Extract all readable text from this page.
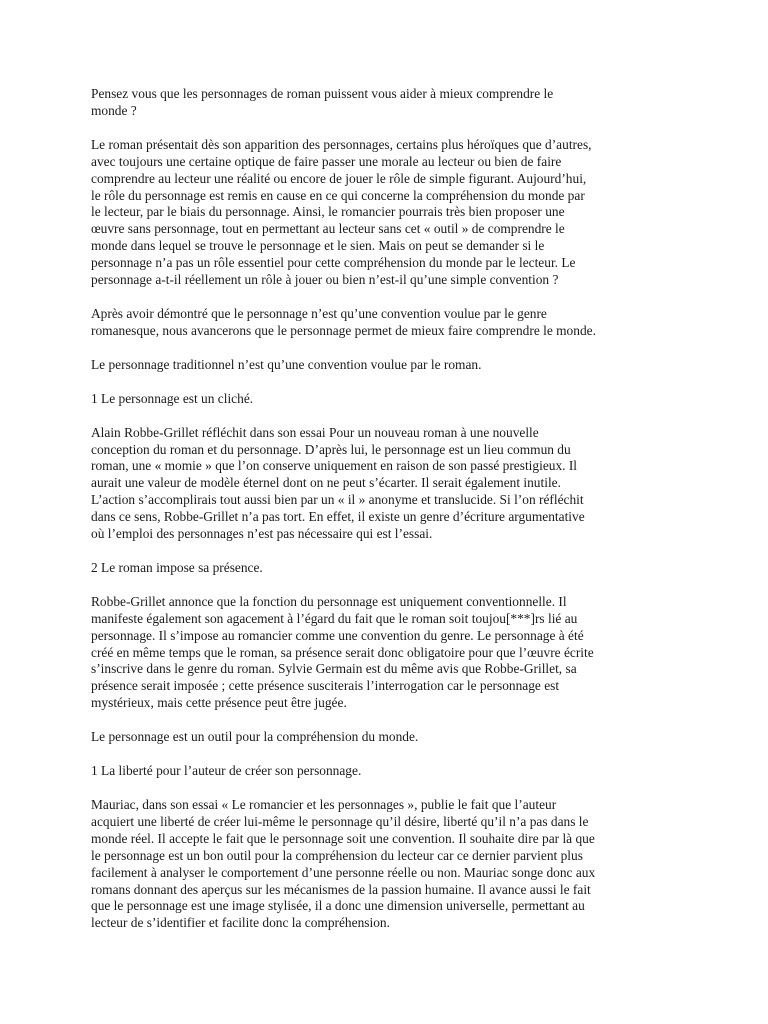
Pensez vous que les personnages de roman puissent vous aider à mieux comprendre le
monde ?

Le roman présentait dès son apparition des personnages, certains plus héroïques que d’autres,
avec toujours une certaine optique de faire passer une morale au lecteur ou bien de faire
comprendre au lecteur une réalité ou encore de jouer le rôle de simple figurant. Aujourd’hui,
le rôle du personnage est remis en cause en ce qui concerne la compréhension du monde par
le lecteur, par le biais du personnage. Ainsi, le romancier pourrais très bien proposer une
œuvre sans personnage, tout en permettant au lecteur sans cet « outil » de comprendre le
monde dans lequel se trouve le personnage et le sien. Mais on peut se demander si le
personnage n’a pas un rôle essentiel pour cette compréhension du monde par le lecteur. Le
personnage a-t-il réellement un rôle à jouer ou bien n’est-il qu’une simple convention ?

Après avoir démontré que le personnage n’est qu’une convention voulue par le genre
romanesque, nous avancerons que le personnage permet de mieux faire comprendre le monde.

Le personnage traditionnel n’est qu’une convention voulue par le roman.

1 Le personnage est un cliché.

Alain Robbe-Grillet réfléchit dans son essai Pour un nouveau roman à une nouvelle
conception du roman et du personnage. D’après lui, le personnage est un lieu commun du
roman, une « momie » que l’on conserve uniquement en raison de son passé prestigieux. Il
aurait une valeur de modèle éternel dont on ne peut s’écarter. Il serait également inutile.
L’action s’accomplirais tout aussi bien par un « il » anonyme et translucide. Si l’on réfléchit
dans ce sens, Robbe-Grillet n’a pas tort. En effet, il existe un genre d’écriture argumentative
où l’emploi des personnages n’est pas nécessaire qui est l’essai.

2 Le roman impose sa présence.

Robbe-Grillet annonce que la fonction du personnage est uniquement conventionnelle. Il
manifeste également son agacement à l’égard du fait que le roman soit toujou[***]rs lié au
personnage. Il s’impose au romancier comme une convention du genre. Le personnage à été
créé en même temps que le roman, sa présence serait donc obligatoire pour que l’œuvre écrite
s’inscrive dans le genre du roman. Sylvie Germain est du même avis que Robbe-Grillet, sa
présence serait imposée ; cette présence susciterais l’interrogation car le personnage est
mystérieux, mais cette présence peut être jugée.

Le personnage est un outil pour la compréhension du monde.

1 La liberté pour l’auteur de créer son personnage.

Mauriac, dans son essai « Le romancier et les personnages », publie le fait que l’auteur
acquiert une liberté de créer lui-même le personnage qu’il désire, liberté qu’il n’a pas dans le
monde réel. Il accepte le fait que le personnage soit une convention. Il souhaite dire par là que
le personnage est un bon outil pour la compréhension du lecteur car ce dernier parvient plus
facilement à analyser le comportement d’une personne réelle ou non. Mauriac songe donc aux
romans donnant des aperçus sur les mécanismes de la passion humaine. Il avance aussi le fait
que le personnage est une image stylisée, il a donc une dimension universelle, permettant au
lecteur de s’identifier et facilite donc la compréhension.
